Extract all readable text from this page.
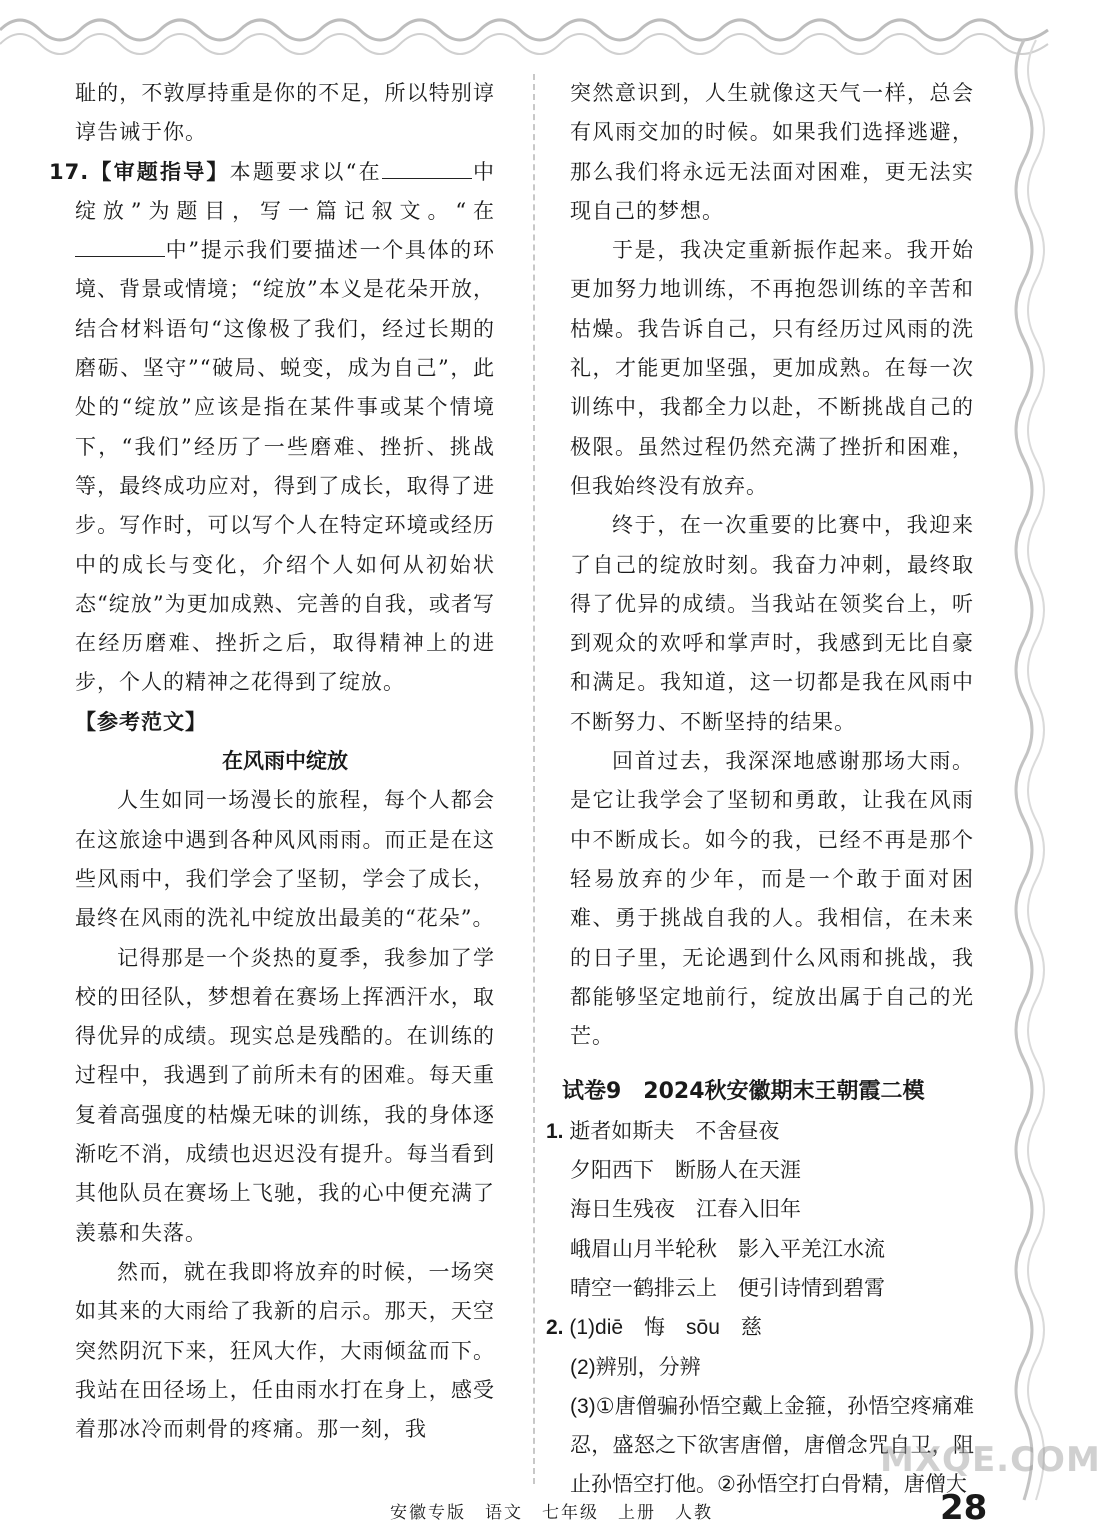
耻的，不敦厚持重是你的不足，所以特别谆谆告诫于你。

17.【审题指导】本题要求以“在	中绽放”为题目，写一篇记叙文。“在中”提示我们要描述一个具体的环境、背景或情境；“绽放”本义是花朵开放，结合材料语句“这像极了我们，经过长期的磨砺、坚守”“破局、蜕变，成为自己”，此处的“绽放”应该是指在某件事或某个情境下，“我们”经历了一些磨难、挫折、挑战等，最终成功应对，得到了成长，取得了进步。写作时，可以写个人在特定环境或经历中的成长与变化，介绍个人如何从初始状态“绽放”为更加成熟、完善的自我，或者写在经历磨难、挫折之后，取得精神上的进步，个人的精神之花得到了绽放。

【参考范文】

在风雨中绽放

人生如同一场漫长的旅程，每个人都会在这旅途中遇到各种风风雨雨。而正是在这些风雨中，我们学会了坚韧，学会了成长，最终在风雨的洗礼中绽放出最美的“花朵”。

记得那是一个炎热的夏季，我参加了学校的田径队，梦想着在赛场上挥洒汗水，取得优异的成绩。现实总是残酷的。在训练的过程中，我遇到了前所未有的困难。每天重复着高强度的枯燥无味的训练，我的身体逐渐吃不消，成绩也迟迟没有提升。每当看到其他队员在赛场上飞驰，我的心中便充满了羡慕和失落。

然而，就在我即将放弃的时候，一场突如其来的大雨给了我新的启示。那天，天空突然阴沉下来，狂风大作，大雨倾盆而下。我站在田径场上，任由雨水打在身上，感受着那冰冷而刺骨的疼痛。那一刻，我

突然意识到，人生就像这天气一样，总会有风雨交加的时候。如果我们选择逃避，那么我们将永远无法面对困难，更无法实现自己的梦想。

于是，我决定重新振作起来。我开始更加努力地训练，不再抱怨训练的辛苦和枯燥。我告诉自己，只有经历过风雨的洗礼，才能更加坚强，更加成熟。在每一次训练中，我都全力以赴，不断挑战自己的极限。虽然过程仍然充满了挫折和困难，但我始终没有放弃。

终于，在一次重要的比赛中，我迎来了自己的绽放时刻。我奋力冲刺，最终取得了优异的成绩。当我站在领奖台上，听到观众的欢呼和掌声时，我感到无比自豪和满足。我知道，这一切都是我在风雨中不断努力、不断坚持的结果。

回首过去，我深深地感谢那场大雨。是它让我学会了坚韧和勇敢，让我在风雨中不断成长。如今的我，已经不再是那个轻易放弃的少年，而是一个敢于面对困难、勇于挑战自我的人。我相信，在未来的日子里，无论遇到什么风雨和挑战，我都能够坚定地前行，绽放出属于自己的光芒。

试卷9　2024秋安徽期末王朝霞二模

1. 逝者如斯夫　不舍昼夜

夕阳西下　断肠人在天涯

海日生残夜　江春入旧年

峨眉山月半轮秋　影入平羌江水流

晴空一鹤排云上　便引诗情到碧霄

2. (1)diē　悔　sōu　慈

(2)辨别，分辨

(3)①唐僧骗孙悟空戴上金箍，孙悟空疼痛难忍，盛怒之下欲害唐僧，唐僧念咒自卫，阻止孙悟空打他。②孙悟空打白骨精，唐僧大

MXQE.COM
安徽专版　语文　七年级　上册　人教	28
